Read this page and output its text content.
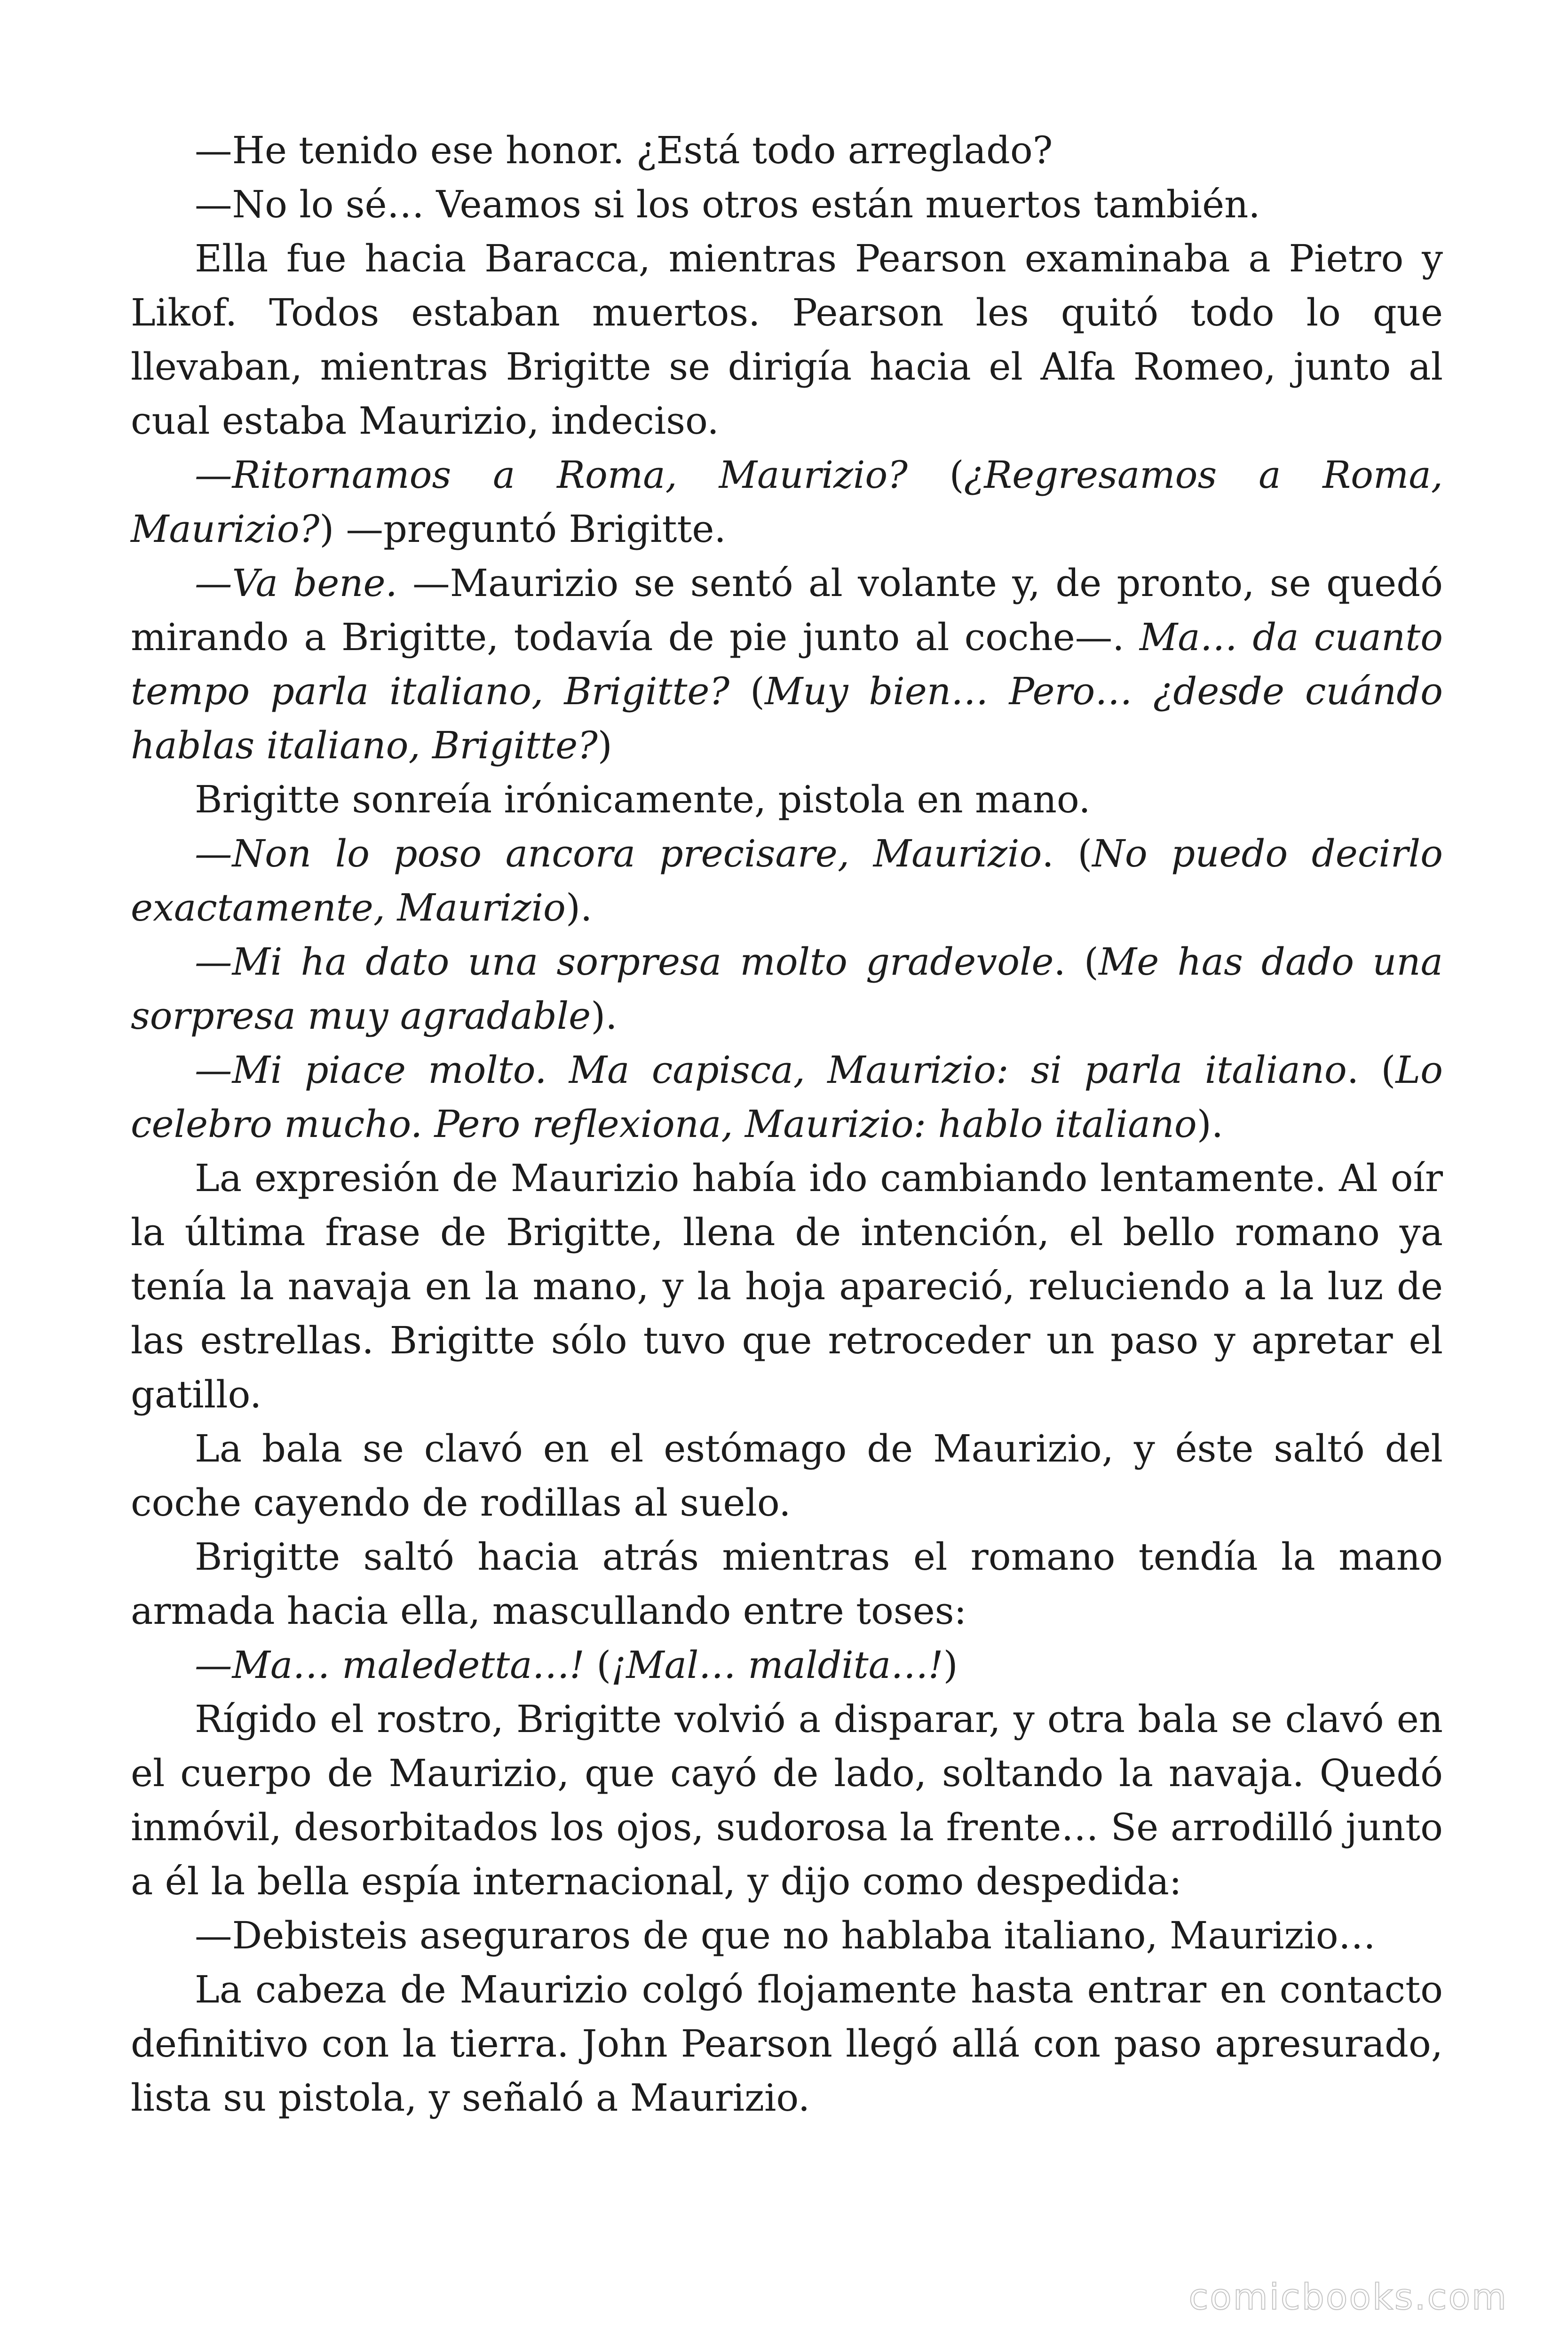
—He tenido ese honor. ¿Está todo arreglado?

—No lo sé… Veamos si los otros están muertos también.

Ella fue hacia Baracca, mientras Pearson examinaba a Pietro y Likof. Todos estaban muertos. Pearson les quitó todo lo que llevaban, mientras Brigitte se dirigía hacia el Alfa Romeo, junto al cual estaba Maurizio, indeciso.

—Ritornamos a Roma, Maurizio? (¿Regresamos a Roma, Maurizio?) —preguntó Brigitte.

—Va bene. —Maurizio se sentó al volante y, de pronto, se quedó mirando a Brigitte, todavía de pie junto al coche—. Ma… da cuanto tempo parla italiano, Brigitte? (Muy bien… Pero… ¿desde cuándo hablas italiano, Brigitte?)

Brigitte sonreía irónicamente, pistola en mano.

—Non lo poso ancora precisare, Maurizio. (No puedo decirlo exactamente, Maurizio).

—Mi ha dato una sorpresa molto gradevole. (Me has dado una sorpresa muy agradable).

—Mi piace molto. Ma capisca, Maurizio: si parla italiano. (Lo celebro mucho. Pero reflexiona, Maurizio: hablo italiano).

La expresión de Maurizio había ido cambiando lentamente. Al oír la última frase de Brigitte, llena de intención, el bello romano ya tenía la navaja en la mano, y la hoja apareció, reluciendo a la luz de las estrellas. Brigitte sólo tuvo que retroceder un paso y apretar el gatillo.

La bala se clavó en el estómago de Maurizio, y éste saltó del coche cayendo de rodillas al suelo.

Brigitte saltó hacia atrás mientras el romano tendía la mano armada hacia ella, mascullando entre toses:

—Ma… maledetta…! (¡Mal… maldita…!)

Rígido el rostro, Brigitte volvió a disparar, y otra bala se clavó en el cuerpo de Maurizio, que cayó de lado, soltando la navaja. Quedó inmóvil, desorbitados los ojos, sudorosa la frente… Se arrodilló junto a él la bella espía internacional, y dijo como despedida:

—Debisteis aseguraros de que no hablaba italiano, Maurizio…

La cabeza de Maurizio colgó flojamente hasta entrar en contacto definitivo con la tierra. John Pearson llegó allá con paso apresurado, lista su pistola, y señaló a Maurizio.

comicbooks.com
